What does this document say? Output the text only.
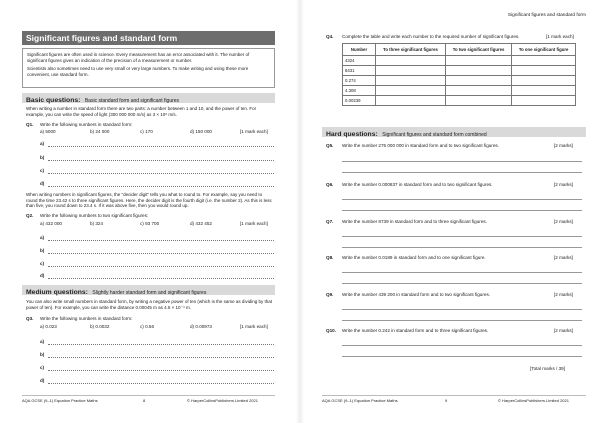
Significant figures and standard form

Significant figures are often used in science. Every measurement has an error associated with it. The number of significant figures gives an indication of the precision of a measurement or number.

Scientists also sometimes need to use very small or very large numbers. To make writing and using these more convenient, use standard form.

Basic questions: Basic standard form and significant figures
When writing a number in standard form there are two parts: a number between 1 and 10, and the power of ten. For example, you can write the speed of light (300 000 000 m/s) as 3 × 10⁸ m/s.
Q1. Write the following numbers in standard form:
a) 5000	b) 24 000	c) 170	d) 150 000	[1 mark each]
a)
b)
c)
d)
When writing numbers in significant figures, the "decider digit" tells you what to round to. For example, say you need to round the time 23.42 s to three significant figures. Here, the decider digit is the fourth digit (i.e. the number 2). As this is less than five, you round down to 23.4 s. If it was above five, then you would round up.
Q2. Write the following numbers to two significant figures:
a) 432 000	b) 324	c) 93 700	d) 432 452	[1 mark each]
a)
b)
c)
d)
Medium questions: Slightly harder standard form and significant figures
You can also write small numbers in standard form, by writing a negative power of ten (which is the same as dividing by that power of ten). For example, you can write the distance 0.00045 m as 4.5 × 10⁻⁴ m.
Q3. Write the following numbers in standard form:
a) 0.023	b) 0.0032	c) 0.56	d) 0.00973	[1 mark each]
a)
b)
c)
d)
AQA GCSE (9–1) Equation Practice Maths	8	© HarperCollinsPublishers Limited 2021
Significant figures and standard form
Q4. Complete the table and write each number to the required number of significant figures.	[1 mark each]
Number	To three significant figures	To two significant figures	To one significant figure
4324			
8431			
0.274			
4.308			
0.00239			
Hard questions: Significant figures and standard form combined
Q5. Write the number 275 000 000 in standard form and to two significant figures.	[2 marks]
Q6. Write the number 0.000837 in standard form and to two significant figures.	[2 marks]
Q7. Write the number 8739 in standard form and to three significant figures.	[2 marks]
Q8. Write the number 0.0189 in standard form and to one significant figure.	[2 marks]
Q9. Write the number 439 200 in standard form and to two significant figures.	[2 marks]
Q10. Write the number 0.242 in standard form and to three significant figures.	[2 marks]
[Total marks / 39]
AQA GCSE (9–1) Equation Practice Maths	9	© HarperCollinsPublishers Limited 2021
